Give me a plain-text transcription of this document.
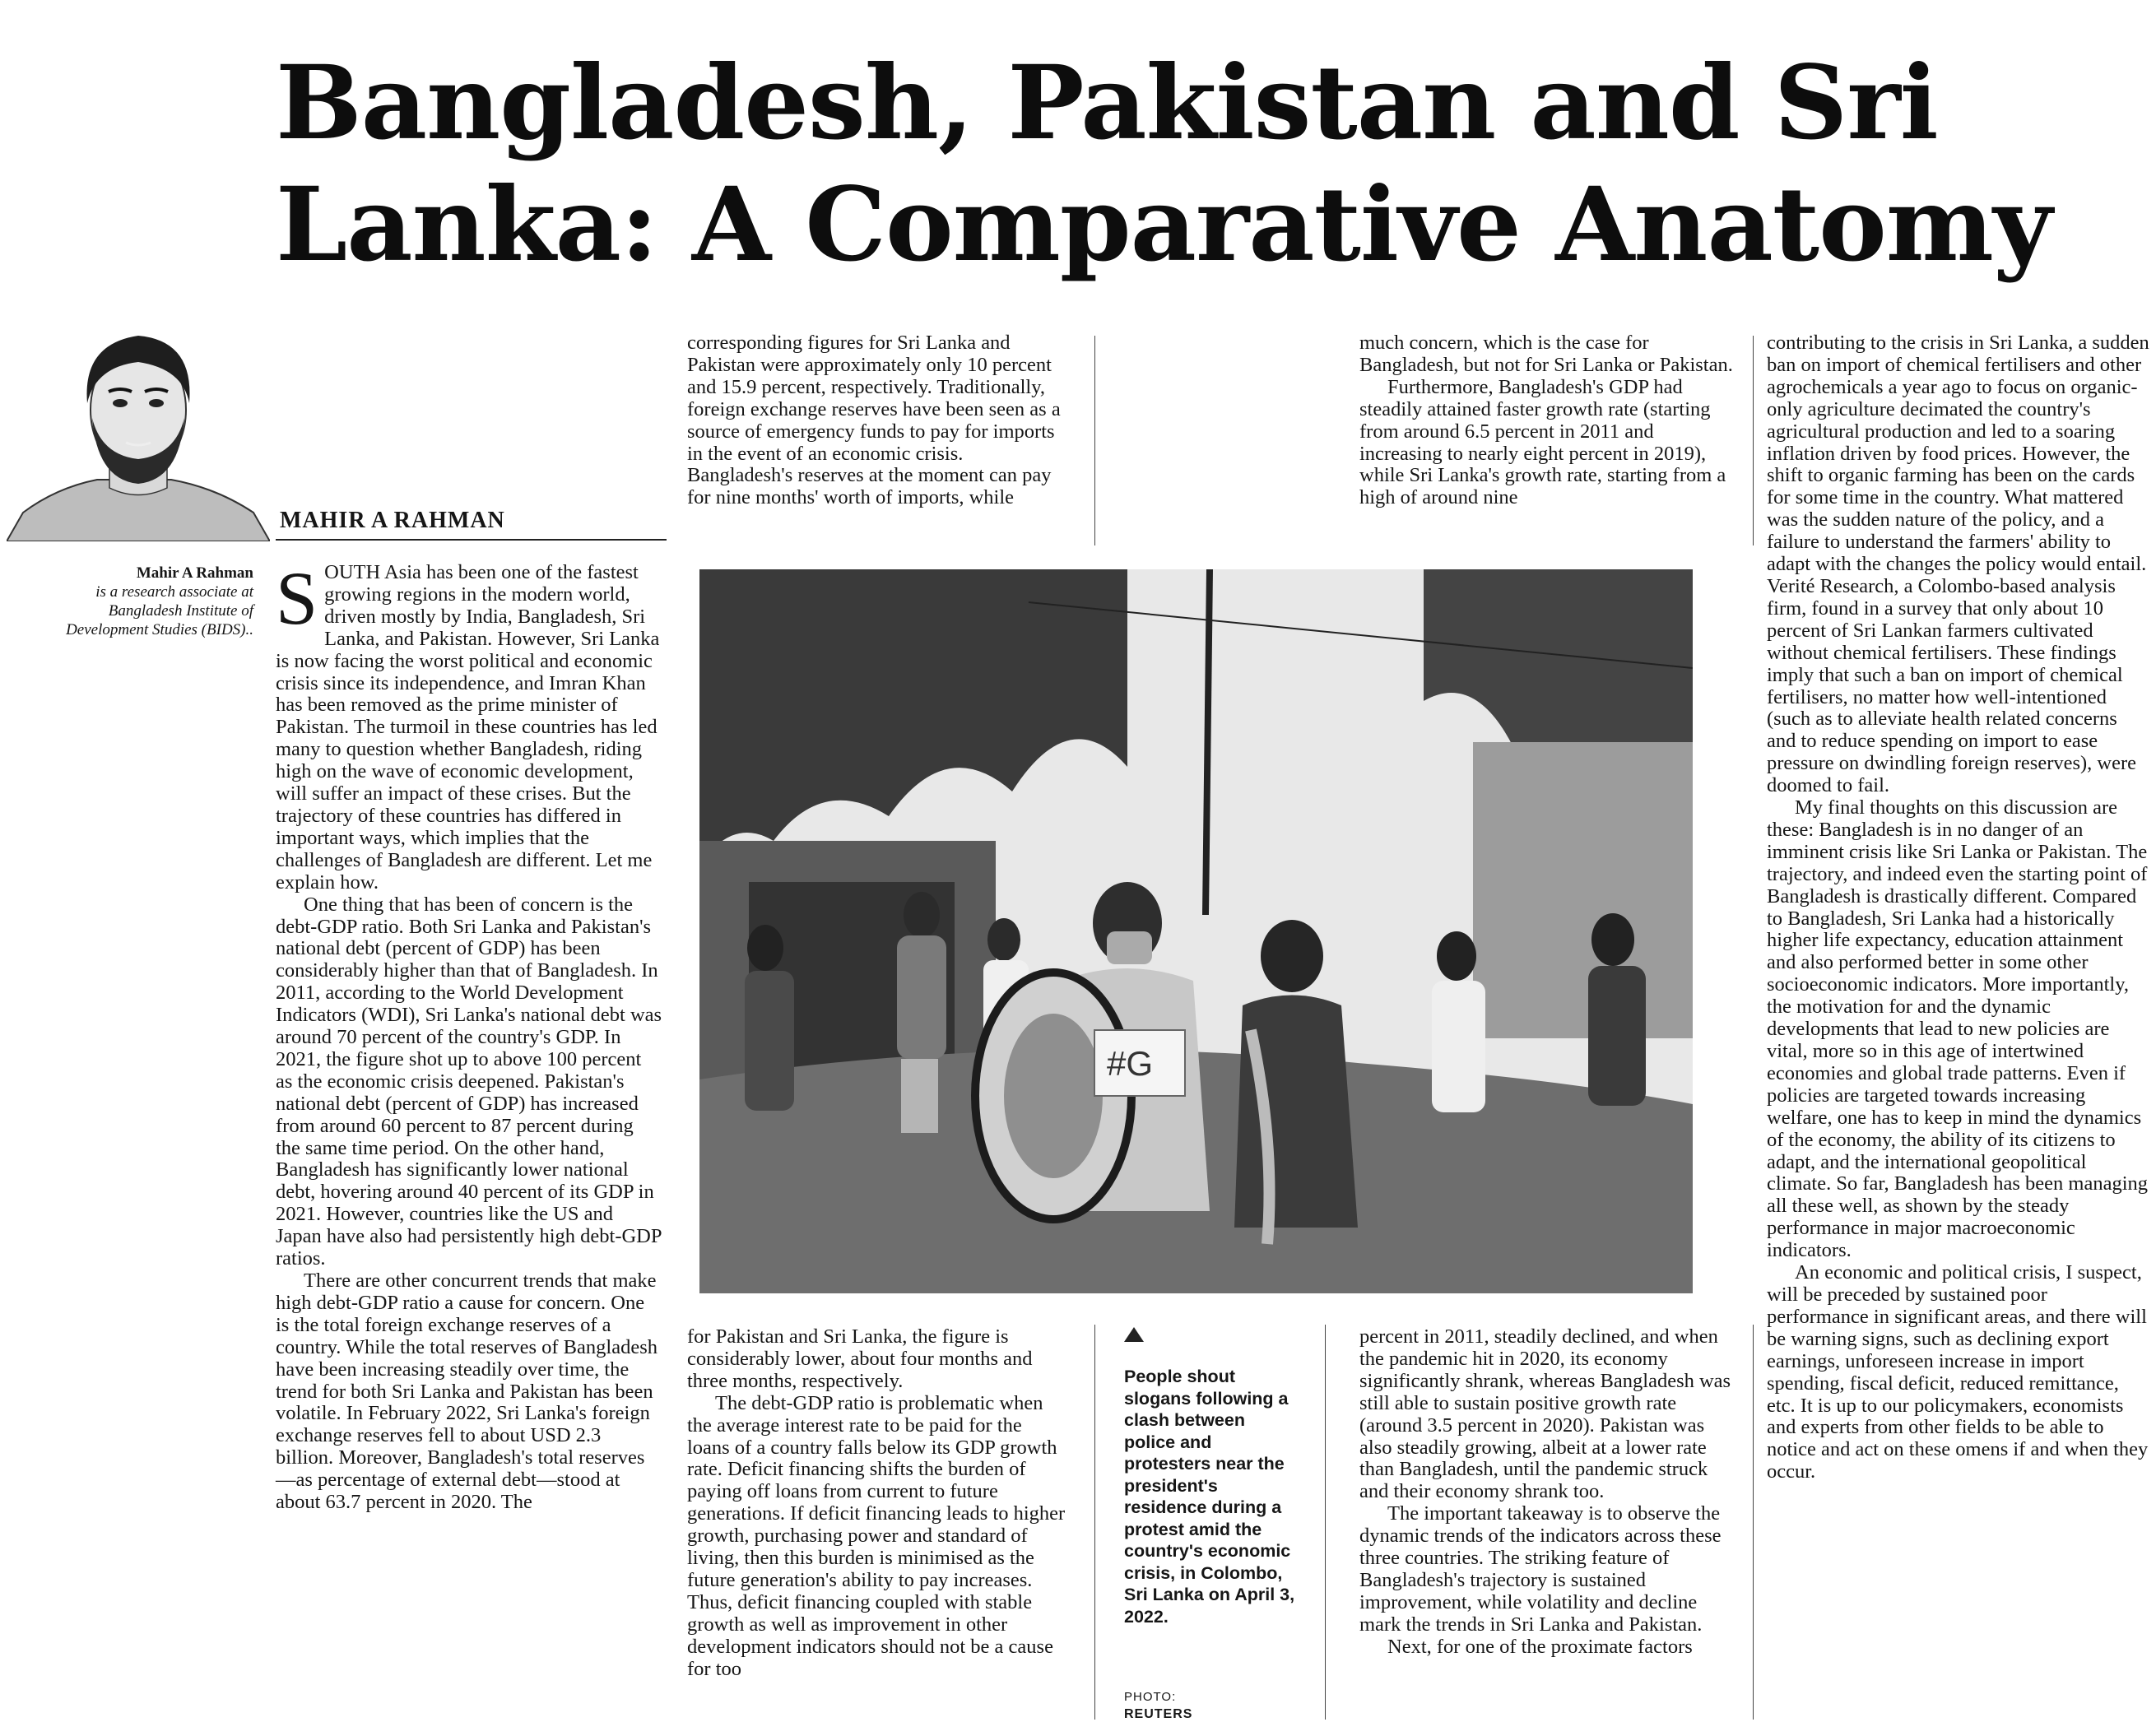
Bangladesh, Pakistan and Sri Lanka: A Comparative Anatomy
MAHIR A RAHMAN
Mahir A Rahman
is a research associate at Bangladesh Institute of Development Studies (BIDS).. SOUTH Asia has been one of the fastest growing regions in the modern world, driven mostly by India, Bangladesh, Sri Lanka, and Pakistan. However, Sri Lanka is now facing the worst political and economic crisis since its independence, and Imran Khan has been removed as the prime minister of Pakistan. The turmoil in these countries has led many to question whether Bangladesh, riding high on the wave of economic development, will suffer an impact of these crises. But the trajectory of these countries has differed in important ways, which implies that the challenges of Bangladesh are different. Let me explain how.

One thing that has been of concern is the debt-GDP ratio. Both Sri Lanka and Pakistan's national debt (percent of GDP) has been considerably higher than that of Bangladesh. In 2011, according to the World Development Indicators (WDI), Sri Lanka's national debt was around 70 percent of the country's GDP. In 2021, the figure shot up to above 100 percent as the economic crisis deepened. Pakistan's national debt (percent of GDP) has increased from around 60 percent to 87 percent during the same time period. On the other hand, Bangladesh has significantly lower national debt, hovering around 40 percent of its GDP in 2021. However, countries like the US and Japan have also had persistently high debt-GDP ratios.

There are other concurrent trends that make high debt-GDP ratio a cause for concern. One is the total foreign exchange reserves of a country. While the total reserves of Bangladesh have been increasing steadily over time, the trend for both Sri Lanka and Pakistan has been volatile. In February 2022, Sri Lanka's foreign exchange reserves fell to about USD 2.3 billion. Moreover, Bangladesh's total reserves—as percentage of external debt—stood at about 63.7 percent in 2020. The

corresponding figures for Sri Lanka and Pakistan were approximately only 10 percent and 15.9 percent, respectively. Traditionally, foreign exchange reserves have been seen as a source of emergency funds to pay for imports in the event of an economic crisis. Bangladesh's reserves at the moment can pay for nine months' worth of imports, while

much concern, which is the case for Bangladesh, but not for Sri Lanka or Pakistan.

Furthermore, Bangladesh's GDP had steadily attained faster growth rate (starting from around 6.5 percent in 2011 and increasing to nearly eight percent in 2019), while Sri Lanka's growth rate, starting from a high of around nine

contributing to the crisis in Sri Lanka, a sudden ban on import of chemical fertilisers and other agrochemicals a year ago to focus on organic-only agriculture decimated the country's agricultural production and led to a soaring inflation driven by food prices. However, the shift to organic farming has been on the cards for some time in the country. What mattered was the sudden nature of the policy, and a failure to understand the farmers' ability to adapt with the changes the policy would entail. Verité Research, a Colombo-based analysis firm, found in a survey that only about 10 percent of Sri Lankan farmers cultivated without chemical fertilisers. These findings imply that such a ban on import of chemical fertilisers, no matter how well-intentioned (such as to alleviate health related concerns and to reduce spending on import to ease pressure on dwindling foreign reserves), were doomed to fail.

My final thoughts on this discussion are these: Bangladesh is in no danger of an imminent crisis like Sri Lanka or Pakistan. The trajectory, and indeed even the starting point of Bangladesh is drastically different. Compared to Bangladesh, Sri Lanka had a historically higher life expectancy, education attainment and also performed better in some other socioeconomic indicators. More importantly, the motivation for and the dynamic developments that lead to new policies are vital, more so in this age of intertwined economies and global trade patterns. Even if policies are targeted towards increasing welfare, one has to keep in mind the dynamics of the economy, the ability of its citizens to adapt, and the international geopolitical climate. So far, Bangladesh has been managing all these well, as shown by the steady performance in major macroeconomic indicators.

An economic and political crisis, I suspect, will be preceded by sustained poor performance in significant areas, and there will be warning signs, such as declining export earnings, unforeseen increase in import spending, fiscal deficit, reduced remittance, etc. It is up to our policymakers, economists and experts from other fields to be able to notice and act on these omens if and when they occur.

for Pakistan and Sri Lanka, the figure is considerably lower, about four months and three months, respectively.

The debt-GDP ratio is problematic when the average interest rate to be paid for the loans of a country falls below its GDP growth rate. Deficit financing shifts the burden of paying off loans from current to future generations. If deficit financing leads to higher growth, purchasing power and standard of living, then this burden is minimised as the future generation's ability to pay increases. Thus, deficit financing coupled with stable growth as well as improvement in other development indicators should not be a cause for too

percent in 2011, steadily declined, and when the pandemic hit in 2020, its economy significantly shrank, whereas Bangladesh was still able to sustain positive growth rate (around 3.5 percent in 2020). Pakistan was also steadily growing, albeit at a lower rate than Bangladesh, until the pandemic struck and their economy shrank too.

The important takeaway is to observe the dynamic trends of the indicators across these three countries. The striking feature of Bangladesh's trajectory is sustained improvement, while volatility and decline mark the trends in Sri Lanka and Pakistan.

Next, for one of the proximate factors

#G

People shout slogans following a clash between police and protesters near the president's residence during a protest amid the country's economic crisis, in Colombo, Sri Lanka on April 3, 2022.

PHOTO:
REUTERS
